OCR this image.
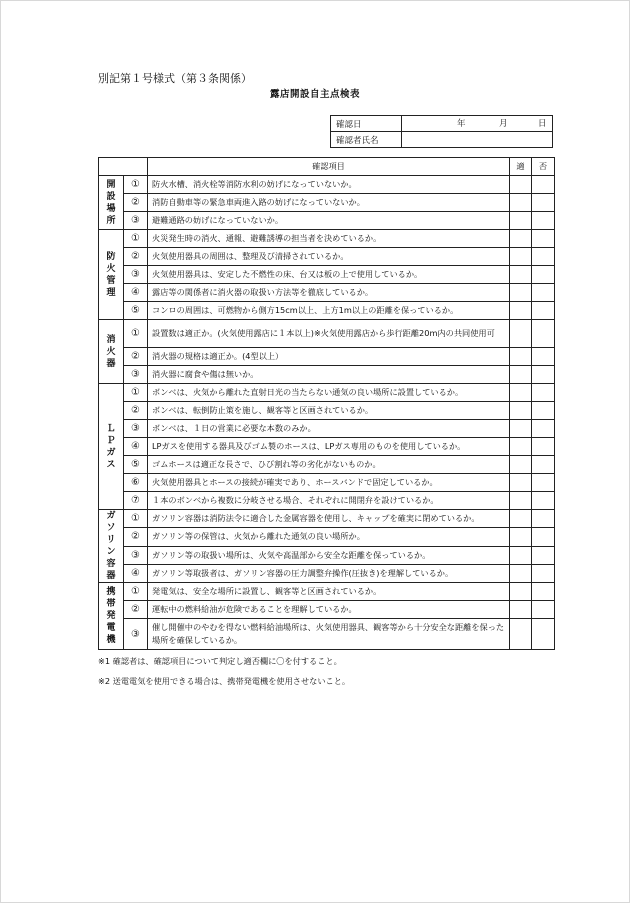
別記第１号様式（第３条関係）
露店開設自主点検表
確認日	年 月 日

確認者氏名	
		確認項目	適	否

開設場所	①	防火水槽、消火栓等消防水利の妨げになっていないか。		
	②	消防自動車等の緊急車両進入路の妨げになっていないか。		
	③	避難通路の妨げになっていないか。		

防火管理	①	火災発生時の消火、通報、避難誘導の担当者を決めているか。		
	②	火気使用器具の周囲は、整理及び清掃されているか。		
	③	火気使用器具は、安定した不燃性の床、台又は板の上で使用しているか。		
	④	露店等の関係者に消火器の取扱い方法等を徹底しているか。		
	⑤	コンロの周囲は、可燃物から側方15cm以上、上方1m以上の距離を保っているか。		

消火器	①	設置数は適正か。(火気使用露店に１本以上)※火気使用露店から歩行距離20m内の共同使用可		
	②	消火器の規格は適正か。(4型以上）		
	③	消火器に腐食や傷は無いか。		

ＬＰガス	①	ボンベは、火気から離れた直射日光の当たらない通気の良い場所に設置しているか。		
	②	ボンベは、転倒防止策を施し、観客等と区画されているか。		
	③	ボンベは、１日の営業に必要な本数のみか。		
	④	LPガスを使用する器具及びゴム製のホースは、LPガス専用のものを使用しているか。		
	⑤	ゴムホースは適正な長さで、ひび割れ等の劣化がないものか。		
	⑥	火気使用器具とホースの接続が確実であり、ホースバンドで固定しているか。		
	⑦	１本のボンベから複数に分岐させる場合、それぞれに開閉弁を設けているか。		

ガソリン容器	①	ガソリン容器は消防法令に適合した金属容器を使用し、キャップを確実に閉めているか。		
	②	ガソリン等の保管は、火気から離れた通気の良い場所か。		
	③	ガソリン等の取扱い場所は、火気や高温部から安全な距離を保っているか。		
	④	ガソリン等取扱者は、ガソリン容器の圧力調整弁操作(圧抜き)を理解しているか。		

携帯発電機	①	発電気は、安全な場所に設置し、観客等と区画されているか。		
	②	運転中の燃料給油が危険であることを理解しているか。		
	③	催し開催中のやむを得ない燃料給油場所は、火気使用器具、観客等から十分安全な距離を保った場所を確保しているか。		
※1 確認者は、確認項目について判定し適否欄に〇を付すること。
※2 送電電気を使用できる場合は、携帯発電機を使用させないこと。
